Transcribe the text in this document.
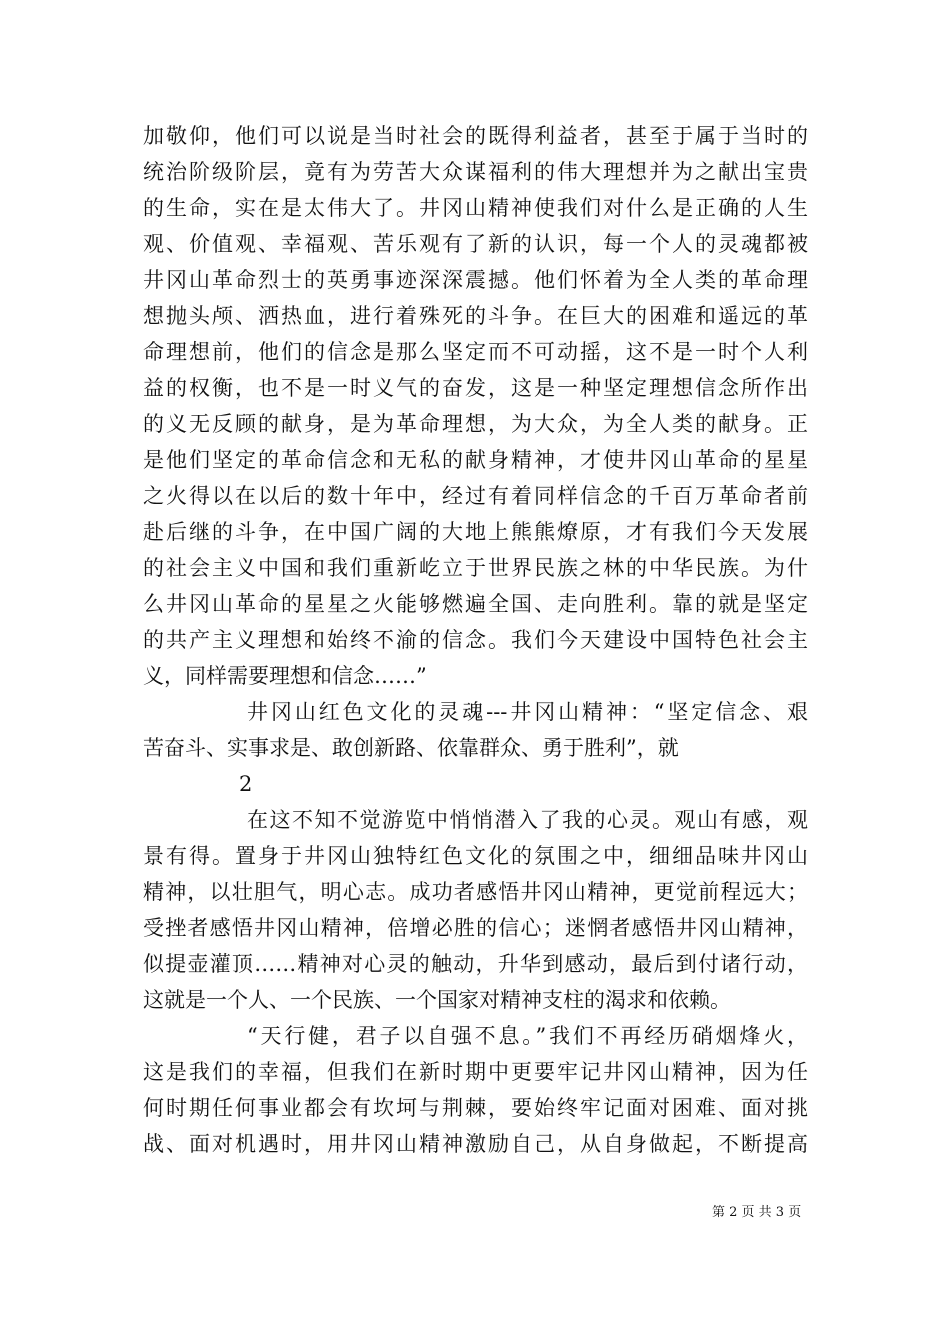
加敬仰，他们可以说是当时社会的既得利益者，甚至于属于当时的
统治阶级阶层，竟有为劳苦大众谋福利的伟大理想并为之献出宝贵
的生命，实在是太伟大了。井冈山精神使我们对什么是正确的人生
观、价值观、幸福观、苦乐观有了新的认识，每一个人的灵魂都被
井冈山革命烈士的英勇事迹深深震撼。他们怀着为全人类的革命理
想抛头颅、洒热血，进行着殊死的斗争。在巨大的困难和遥远的革
命理想前，他们的信念是那么坚定而不可动摇，这不是一时个人利
益的权衡，也不是一时义气的奋发，这是一种坚定理想信念所作出
的义无反顾的献身，是为革命理想，为大众，为全人类的献身。正
是他们坚定的革命信念和无私的献身精神，才使井冈山革命的星星
之火得以在以后的数十年中，经过有着同样信念的千百万革命者前
赴后继的斗争，在中国广阔的大地上熊熊燎原，才有我们今天发展
的社会主义中国和我们重新屹立于世界民族之林的中华民族。为什
么井冈山革命的星星之火能够燃遍全国、走向胜利。靠的就是坚定
的共产主义理想和始终不渝的信念。我们今天建设中国特色社会主
义，同样需要理想和信念……”
井冈山红色文化的灵魂---井冈山精神：“坚定信念、艰
苦奋斗、实事求是、敢创新路、依靠群众、勇于胜利”，就
2
在这不知不觉游览中悄悄潜入了我的心灵。观山有感，观
景有得。置身于井冈山独特红色文化的氛围之中，细细品味井冈山
精神，以壮胆气，明心志。成功者感悟井冈山精神，更觉前程远大；
受挫者感悟井冈山精神，倍增必胜的信心；迷惘者感悟井冈山精神，
似提壶灌顶……精神对心灵的触动，升华到感动，最后到付诸行动，
这就是一个人、一个民族、一个国家对精神支柱的渴求和依赖。
“天行健，君子以自强不息。”我们不再经历硝烟烽火，
这是我们的幸福，但我们在新时期中更要牢记井冈山精神，因为任
何时期任何事业都会有坎坷与荆棘，要始终牢记面对困难、面对挑
战、面对机遇时，用井冈山精神激励自己，从自身做起，不断提高
第 2 页 共 3 页
